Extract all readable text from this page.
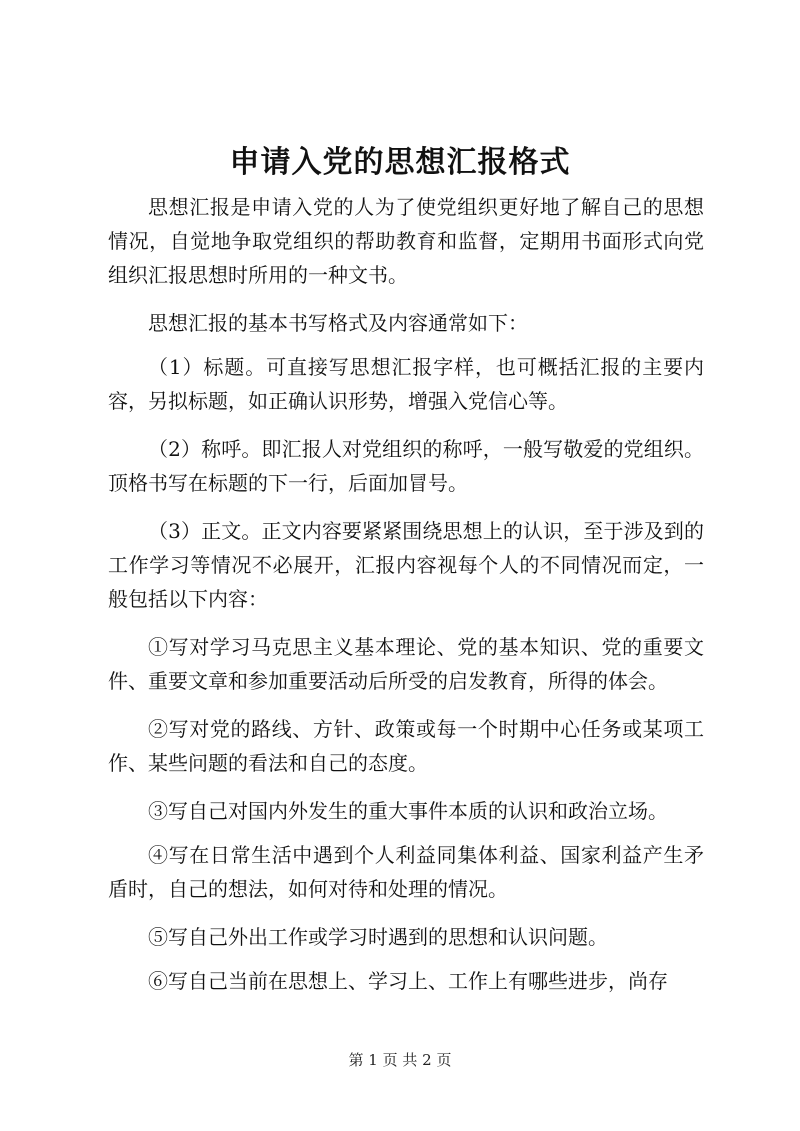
申请入党的思想汇报格式

思想汇报是申请入党的人为了使党组织更好地了解自己的思想情况，自觉地争取党组织的帮助教育和监督，定期用书面形式向党组织汇报思想时所用的一种文书。

思想汇报的基本书写格式及内容通常如下：

（1）标题。可直接写思想汇报字样，也可概括汇报的主要内容，另拟标题，如正确认识形势，增强入党信心等。

（2）称呼。即汇报人对党组织的称呼，一般写敬爱的党组织。顶格书写在标题的下一行，后面加冒号。

（3）正文。正文内容要紧紧围绕思想上的认识，至于涉及到的工作学习等情况不必展开，汇报内容视每个人的不同情况而定，一般包括以下内容：

①写对学习马克思主义基本理论、党的基本知识、党的重要文件、重要文章和参加重要活动后所受的启发教育，所得的体会。

②写对党的路线、方针、政策或每一个时期中心任务或某项工作、某些问题的看法和自己的态度。

③写自己对国内外发生的重大事件本质的认识和政治立场。

④写在日常生活中遇到个人利益同集体利益、国家利益产生矛盾时，自己的想法，如何对待和处理的情况。

⑤写自己外出工作或学习时遇到的思想和认识问题。

⑥写自己当前在思想上、学习上、工作上有哪些进步，尚存

第 1 页 共 2 页
